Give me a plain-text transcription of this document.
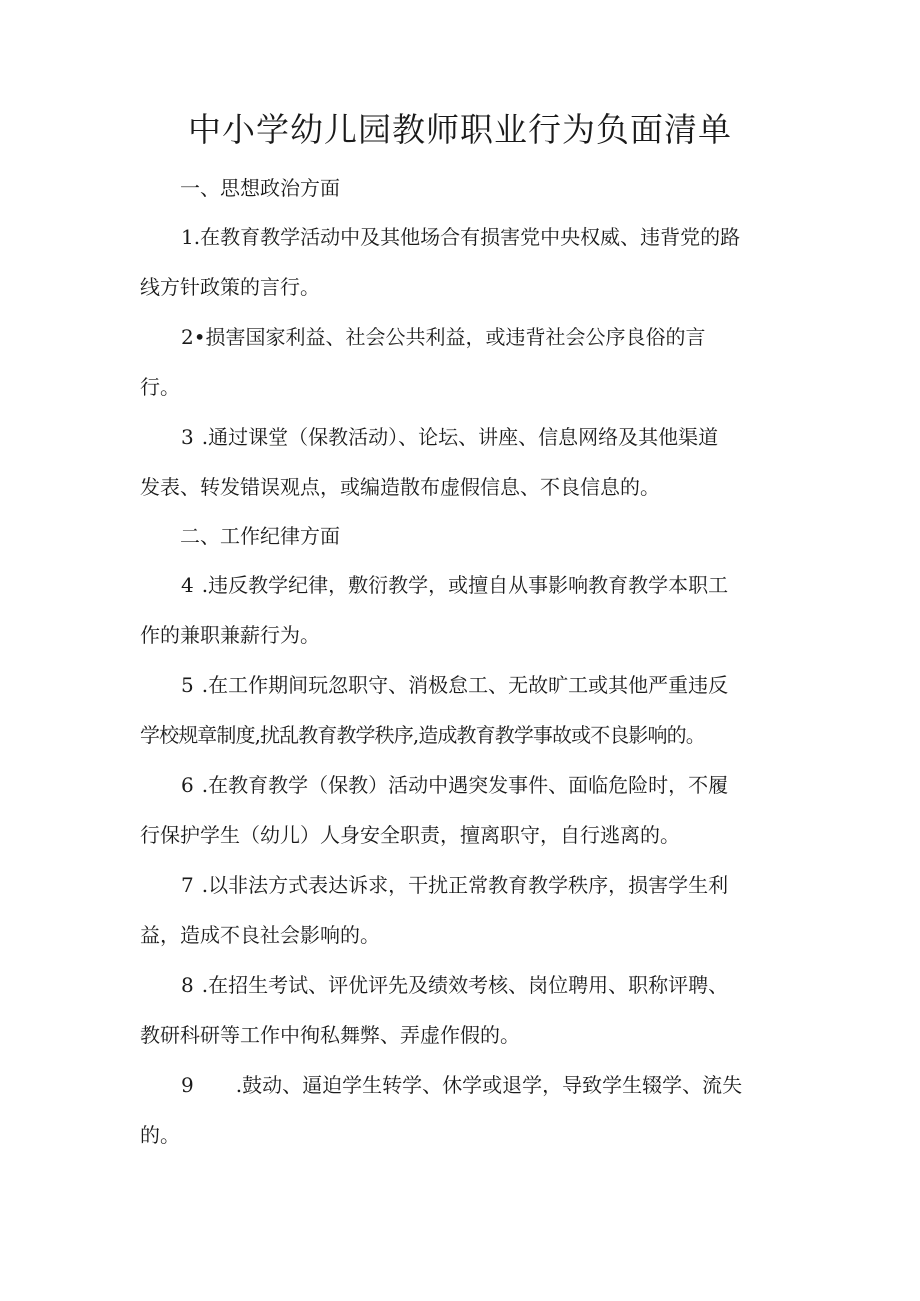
中小学幼儿园教师职业行为负面清单

一、思想政治方面

1.在教育教学活动中及其他场合有损害党中央权威、违背党的路
线方针政策的言行。
2•损害国家利益、社会公共利益，或违背社会公序良俗的言
行。
3 .通过课堂（保教活动）、论坛、讲座、信息网络及其他渠道
发表、转发错误观点，或编造散布虚假信息、不良信息的。

二、工作纪律方面

4 .违反教学纪律，敷衍教学，或擅自从事影响教育教学本职工
作的兼职兼薪行为。
5 .在工作期间玩忽职守、消极怠工、无故旷工或其他严重违反
学校规章制度,扰乱教育教学秩序,造成教育教学事故或不良影响的。
6 .在教育教学（保教）活动中遇突发事件、面临危险时，不履
行保护学生（幼儿）人身安全职责，擅离职守，自行逃离的。
7 .以非法方式表达诉求，干扰正常教育教学秩序，损害学生利
益，造成不良社会影响的。
8 .在招生考试、评优评先及绩效考核、岗位聘用、职称评聘、
教研科研等工作中徇私舞弊、弄虚作假的。
9 .鼓动、逼迫学生转学、休学或退学，导致学生辍学、流失
的。
